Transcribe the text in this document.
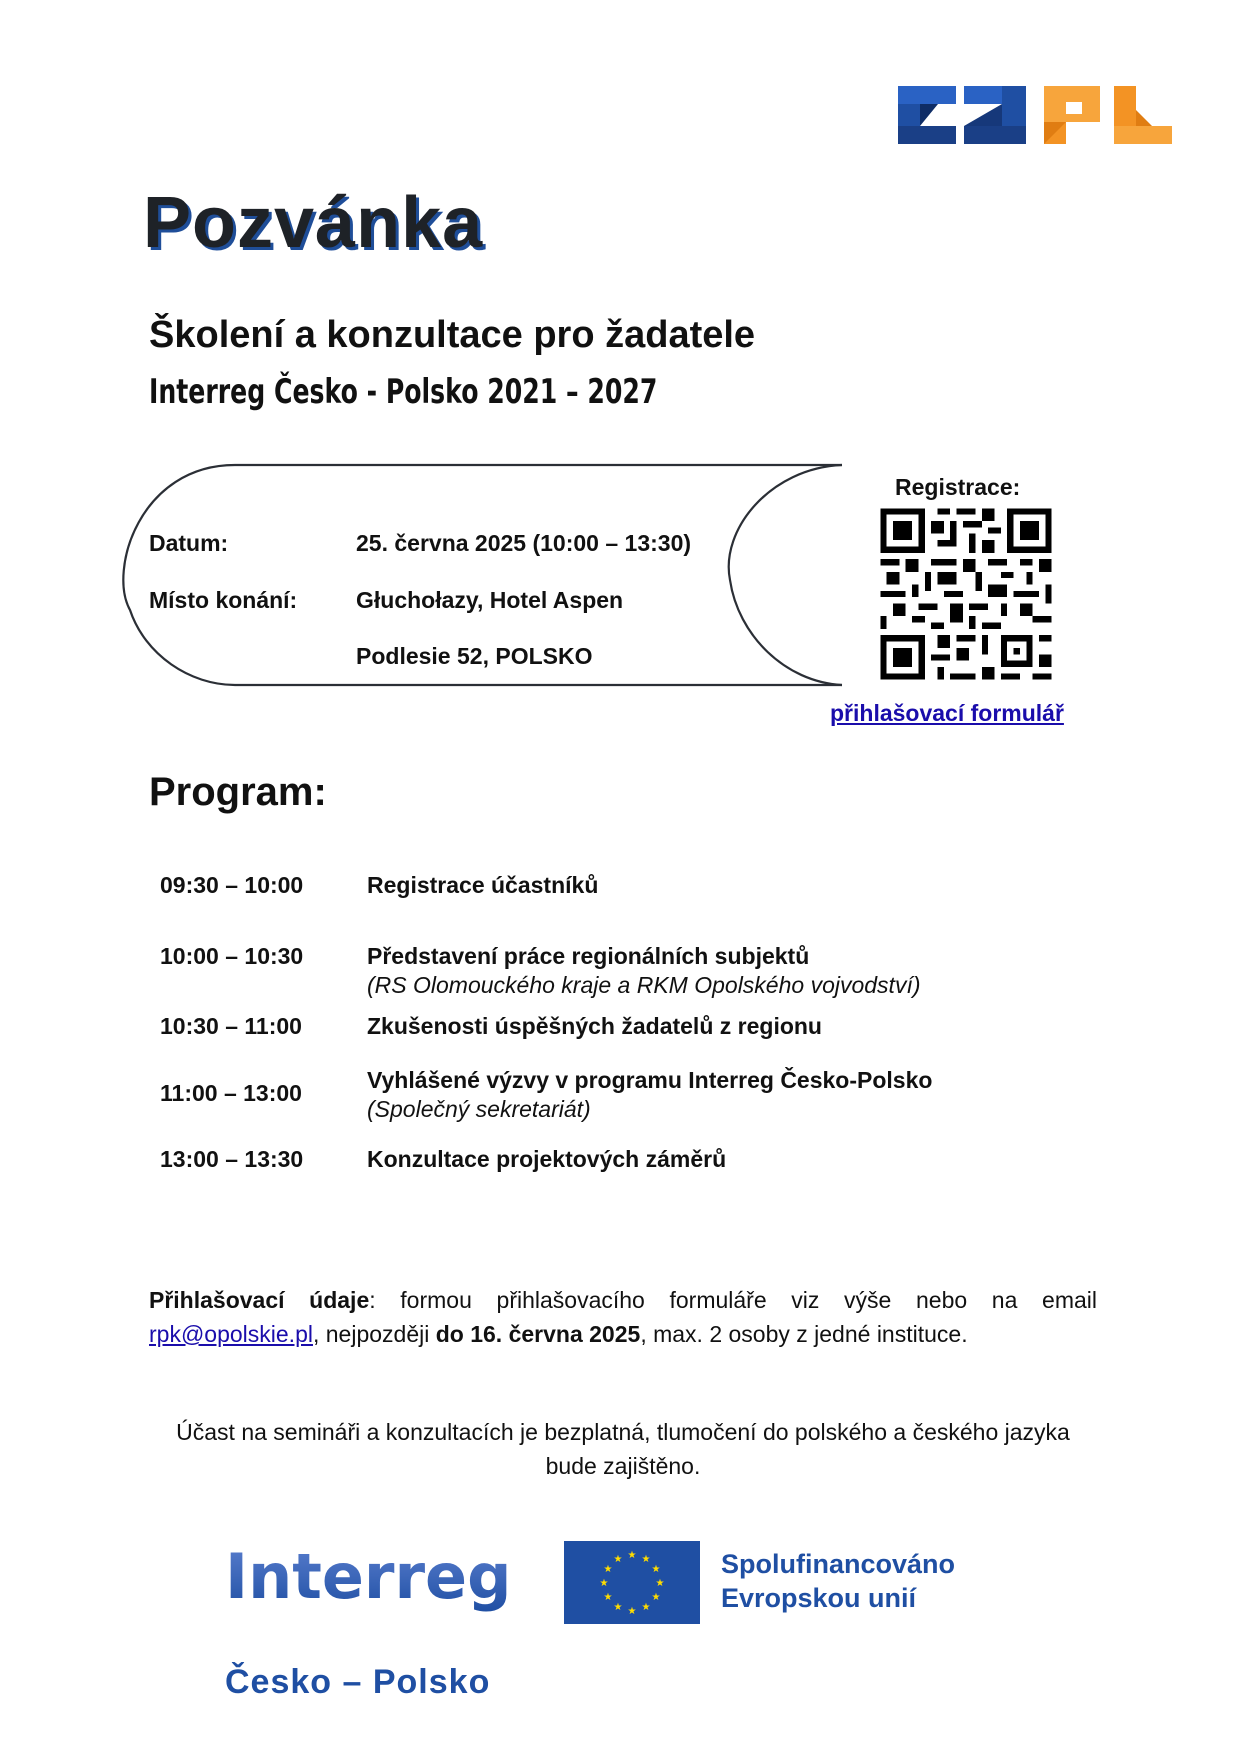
Pozvánka
Školení a konzultace pro žadatele
Interreg Česko - Polsko 2021 – 2027
Datum:	25. června 2025 (10:00 – 13:30)
Místo konání:	Głuchołazy, Hotel Aspen
Podlesie 52, POLSKO
Registrace:
přihlašovací formulář
Program:
09:30 – 10:00	Registrace účastníků
10:00 – 10:30	Představení práce regionálních subjektů
(RS Olomouckého kraje a RKM Opolského vojvodství)
10:30 – 11:00	Zkušenosti úspěšných žadatelů z regionu
11:00 – 13:00	Vyhlášené výzvy v programu Interreg Česko-Polsko
(Společný sekretariát)
13:00 – 13:30	Konzultace projektových záměrů
Přihlašovací údaje: formou přihlašovacího formuláře viz výše nebo na email rpk@opolskie.pl, nejpozději do 16. června 2025, max. 2 osoby z jedné instituce.
Účast na semináři a konzultacích je bezplatná, tlumočení do polského a českého jazyka bude zajištěno.
Interreg	★ ★
★
★
★
★
★
★
★
★
★
★	Spolufinancováno
Evropskou unií
Česko – Polsko
